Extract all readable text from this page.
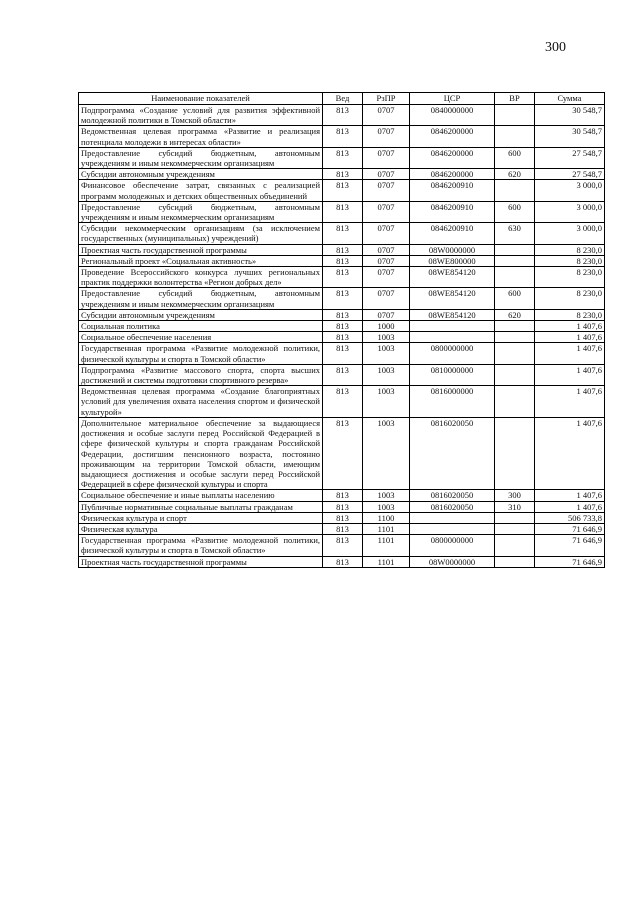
300
Наименование показателей	Вед	РзПР	ЦСР	ВР	Сумма
Подпрограмма «Создание условий для развития эффективной молодежной политики в Томской области»	813	0707	0840000000		30 548,7
Ведомственная целевая программа «Развитие и реализация потенциала молодежи в интересах области»	813	0707	0846200000		30 548,7
Предоставление субсидий бюджетным, автономным учреждениям и иным некоммерческим организациям	813	0707	0846200000	600	27 548,7
Субсидии автономным учреждениям	813	0707	0846200000	620	27 548,7
Финансовое обеспечение затрат, связанных с реализацией программ молодежных и детских общественных объединений	813	0707	0846200910		3 000,0
Предоставление субсидий бюджетным, автономным учреждениям и иным некоммерческим организациям	813	0707	0846200910	600	3 000,0
Субсидии некоммерческим организациям (за исключением государственных (муниципальных) учреждений)	813	0707	0846200910	630	3 000,0
Проектная часть государственной программы	813	0707	08W0000000		8 230,0
Региональный проект «Социальная активность»	813	0707	08WE800000		8 230,0
Проведение Всероссийского конкурса лучших региональных практик поддержки волонтерства «Регион добрых дел»	813	0707	08WE854120		8 230,0
Предоставление субсидий бюджетным, автономным учреждениям и иным некоммерческим организациям	813	0707	08WE854120	600	8 230,0
Субсидии автономным учреждениям	813	0707	08WE854120	620	8 230,0
Социальная политика	813	1000			1 407,6
Социальное обеспечение населения	813	1003			1 407,6
Государственная программа «Развитие молодежной политики, физической культуры и спорта в Томской области»	813	1003	0800000000		1 407,6
Подпрограмма «Развитие массового спорта, спорта высших достижений и системы подготовки спортивного резерва»	813	1003	0810000000		1 407,6
Ведомственная целевая программа «Создание благоприятных условий для увеличения охвата населения спортом и физической культурой»	813	1003	0816000000		1 407,6
Дополнительное материальное обеспечение за выдающиеся достижения и особые заслуги перед Российской Федерацией в сфере физической культуры и спорта гражданам Российской Федерации, достигшим пенсионного возраста, постоянно проживающим на территории Томской области, имеющим выдающиеся достижения и особые заслуги перед Российской Федерацией в сфере физической культуры и спорта	813	1003	0816020050		1 407,6
Социальное обеспечение и иные выплаты населению	813	1003	0816020050	300	1 407,6
Публичные нормативные социальные выплаты гражданам	813	1003	0816020050	310	1 407,6
Физическая культура и спорт	813	1100			506 733,8
Физическая культура	813	1101			71 646,9
Государственная программа «Развитие молодежной политики, физической культуры и спорта в Томской области»	813	1101	0800000000		71 646,9
Проектная часть государственной программы	813	1101	08W0000000		71 646,9
